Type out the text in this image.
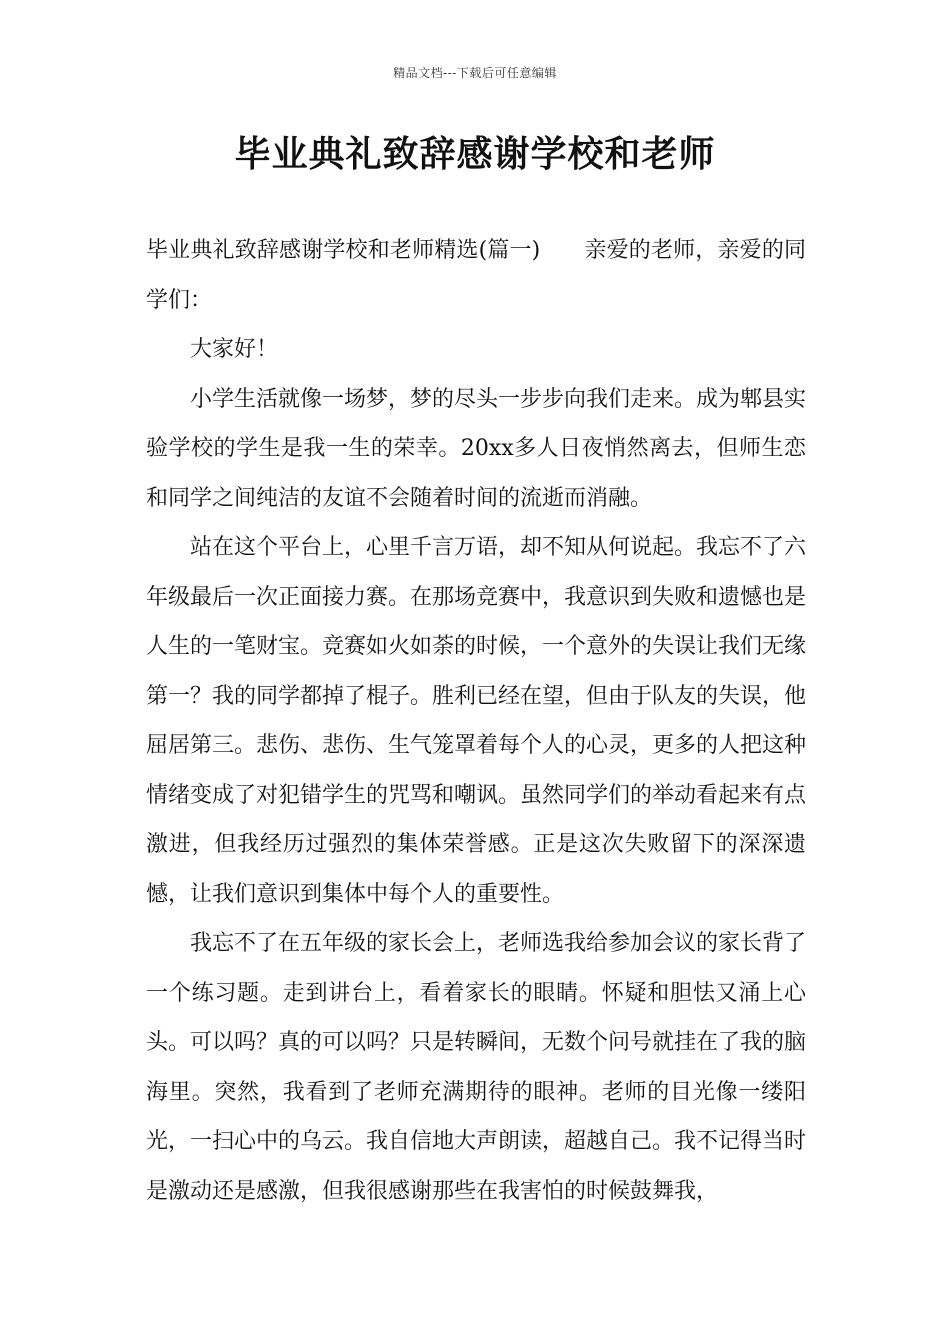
精品文档---下载后可任意编辑
毕业典礼致辞感谢学校和老师

毕业典礼致辞感谢学校和老师精选(篇一) 亲爱的老师，亲爱的同学们：

大家好！

小学生活就像一场梦，梦的尽头一步步向我们走来。成为郫县实验学校的学生是我一生的荣幸。20xx多人日夜悄然离去，但师生恋和同学之间纯洁的友谊不会随着时间的流逝而消融。

站在这个平台上，心里千言万语，却不知从何说起。我忘不了六年级最后一次正面接力赛。在那场竞赛中，我意识到失败和遗憾也是人生的一笔财宝。竞赛如火如荼的时候，一个意外的失误让我们无缘第一？我的同学都掉了棍子。胜利已经在望，但由于队友的失误，他屈居第三。悲伤、悲伤、生气笼罩着每个人的心灵，更多的人把这种情绪变成了对犯错学生的咒骂和嘲讽。虽然同学们的举动看起来有点激进，但我经历过强烈的集体荣誉感。正是这次失败留下的深深遗憾，让我们意识到集体中每个人的重要性。

我忘不了在五年级的家长会上，老师选我给参加会议的家长背了一个练习题。走到讲台上，看着家长的眼睛。怀疑和胆怯又涌上心头。可以吗？真的可以吗？只是转瞬间，无数个问号就挂在了我的脑海里。突然，我看到了老师充满期待的眼神。老师的目光像一缕阳光，一扫心中的乌云。我自信地大声朗读，超越自己。我不记得当时是激动还是感激，但我很感谢那些在我害怕的时候鼓舞我，
